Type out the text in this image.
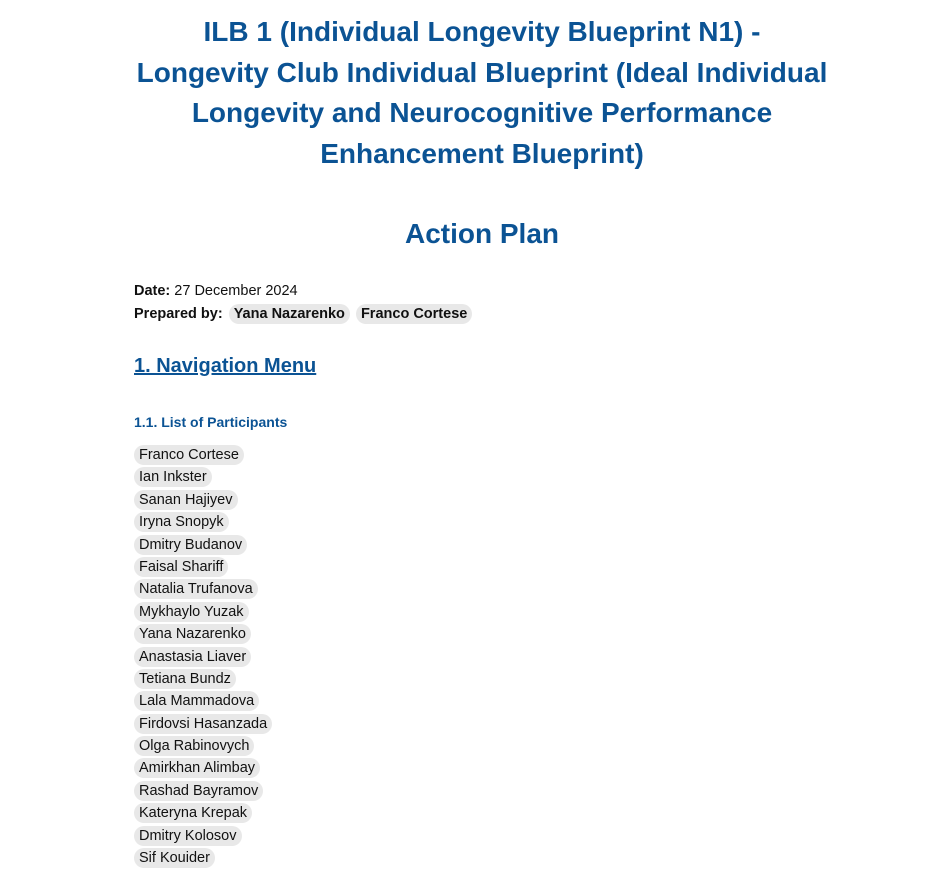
ILB 1 (Individual Longevity Blueprint N1) -
Longevity Club Individual Blueprint (Ideal Individual
Longevity and Neurocognitive Performance
Enhancement Blueprint)
Action Plan
Date: 27 December 2024
Prepared by: Yana Nazarenko Franco Cortese
1. Navigation Menu
1.1. List of Participants
Franco Cortese
Ian Inkster
Sanan Hajiyev
Iryna Snopyk
Dmitry Budanov
Faisal Shariff
Natalia Trufanova
Mykhaylo Yuzak
Yana Nazarenko
Anastasia Liaver
Tetiana Bundz
Lala Mammadova
Firdovsi Hasanzada
Olga Rabinovych
Amirkhan Alimbay
Rashad Bayramov
Kateryna Krepak
Dmitry Kolosov
Sif Kouider
